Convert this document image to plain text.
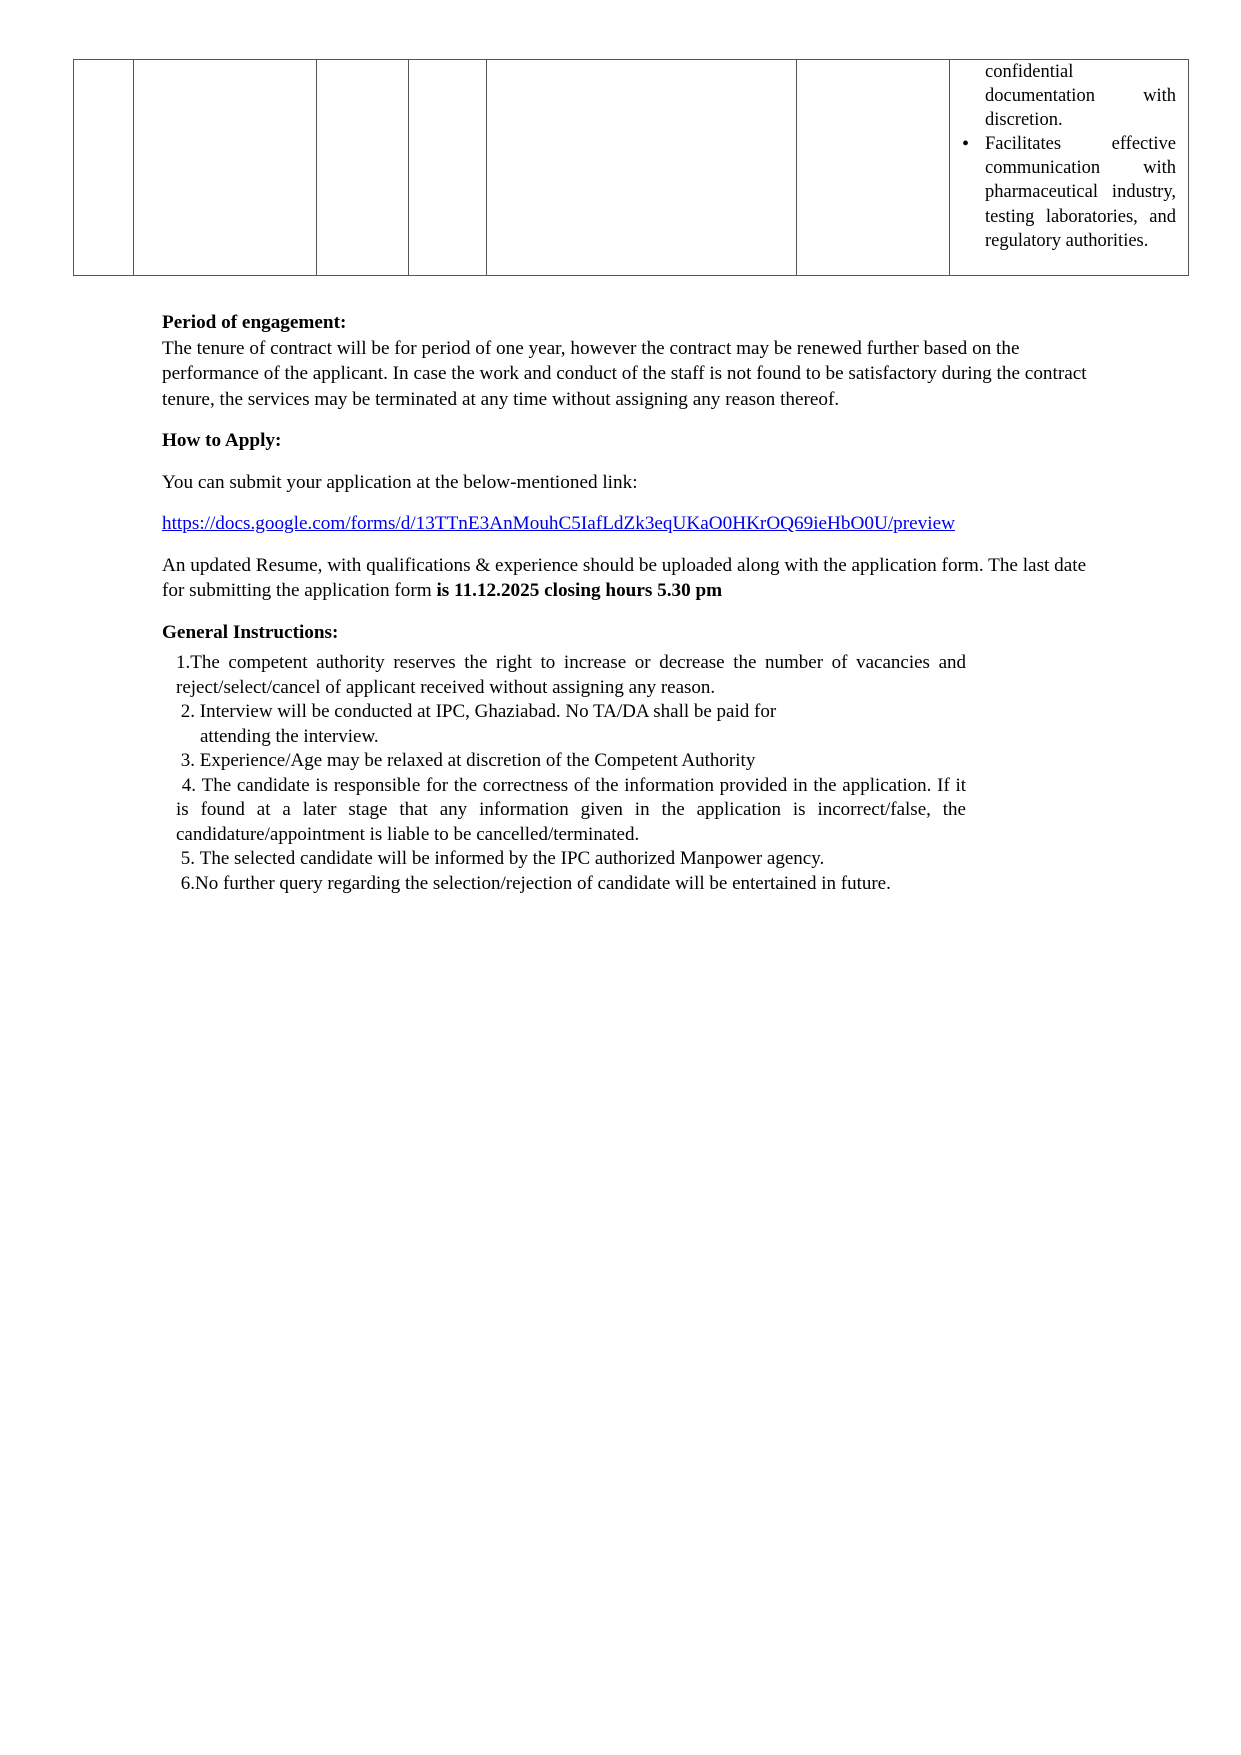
confidential documentation with discretion.
• Facilitates effective communication with pharmaceutical industry, testing laboratories, and regulatory authorities.

Period of engagement:

The tenure of contract will be for period of one year, however the contract may be renewed further based on the performance of the applicant. In case the work and conduct of the staff is not found to be satisfactory during the contract tenure, the services may be terminated at any time without assigning any reason thereof.

How to Apply:

You can submit your application at the below-mentioned link:

https://docs.google.com/forms/d/13TTnE3AnMouhC5IafLdZk3eqUKaO0HKrOQ69ieHbO0U/preview

An updated Resume, with qualifications & experience should be uploaded along with the application form. The last date for submitting the application form is 11.12.2025 closing hours 5.30 pm

General Instructions:

1.The competent authority reserves the right to increase or decrease the number of vacancies and reject/select/cancel of applicant received without assigning any reason.
2. Interview will be conducted at IPC, Ghaziabad. No TA/DA shall be paid for
attending the interview.
3. Experience/Age may be relaxed at discretion of the Competent Authority
4. The candidate is responsible for the correctness of the information provided in the application. If it is found at a later stage that any information given in the application is incorrect/false, the candidature/appointment is liable to be cancelled/terminated.
5. The selected candidate will be informed by the IPC authorized Manpower agency.
6.No further query regarding the selection/rejection of candidate will be entertained in future.
